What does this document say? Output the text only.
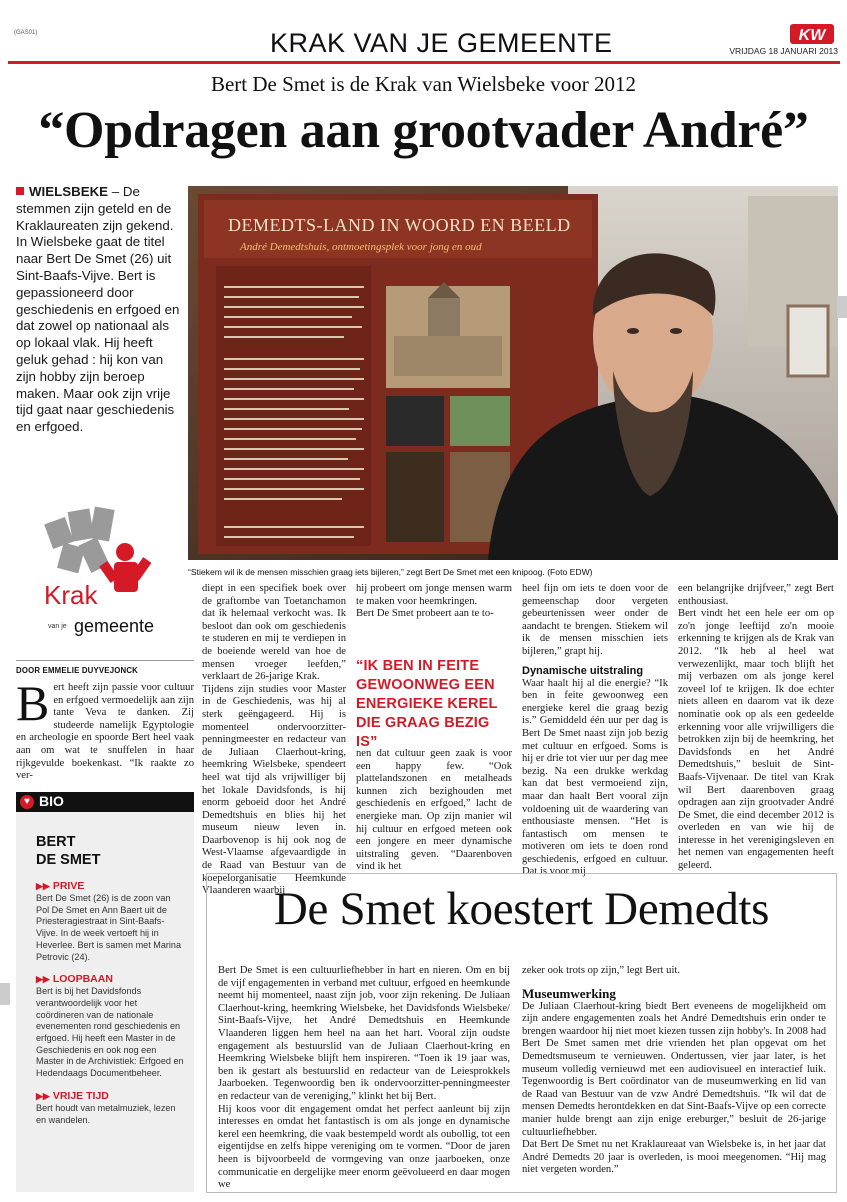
(GAS01)	KRAK VAN JE GEMEENTE	KW
VRIJDAG 18 JANUARI 2013
Bert De Smet is de Krak van Wielsbeke voor 2012
“Opdragen aan grootvader André”
WIELSBEKE – De stemmen zijn geteld en de Kraklaureaten zijn gekend. In Wielsbeke gaat de titel naar Bert De Smet (26) uit Sint-Baafs-Vijve. Bert is gepassioneerd door geschiedenis en erfgoed en dat zowel op nationaal als op lokaal vlak. Hij heeft geluk gehad : hij kon van zijn hobby zijn beroep maken. Maar ook zijn vrije tijd gaat naar geschiedenis en erfgoed.
DEMEDTS-LAND IN WOORD EN BEELD
André Demedtshuis, ontmoetingsplek voor jong en oud
“Stiekem wil ik de mensen misschien graag iets bijleren,” zegt Bert De Smet met een knipoog. (Foto EDW)
Krak
van je gemeente
DOOR EMMELIE DUYVEJONCK
Bert heeft zijn passie voor cultuur en erfgoed vermoedelijk aan zijn tante Veva te danken. Zij studeerde namelijk Egyptologie en archeologie en spoorde Bert heel vaak aan om wat te snuffelen in haar rijkgevulde boekenkast. “Ik raakte zo ver-
♥ BIO
BERT
DE SMET
▶▶ PRIVE
Bert De Smet (26) is de zoon van Pol De Smet en Ann Baert uit de Priesteragiestraat in Sint-Baafs-Vijve. In de week vertoeft hij in Heverlee. Bert is samen met Marina Petrovic (24).
▶▶ LOOPBAAN
Bert is bij het Davidsfonds verantwoordelijk voor het coördineren van de nationale evenementen rond geschiedenis en erfgoed. Hij heeft een Master in de Geschiedenis en ook nog een Master in de Archivistiek: Erfgoed en Hedendaags Documentbeheer.
▶▶ VRIJE TIJD
Bert houdt van metalmuziek, lezen en wandelen.
diept in een specifiek boek over de graftombe van Toetanchamon dat ik helemaal verkocht was. Ik besloot dan ook om geschiedenis te studeren en mij te verdiepen in de boeiende wereld van hoe de mensen vroeger leefden,” verklaart de 26-jarige Krak.
Tijdens zijn studies voor Master in de Geschiedenis, was hij al sterk geëngageerd. Hij is momenteel ondervoorzitter-penningmeester en redacteur van de Juliaan Claerhout-kring, heemkring Wielsbeke, spendeert heel wat tijd als vrijwilliger bij het lokale Davidsfonds, is hij enorm geboeid door het André Demedtshuis en blies hij het museum nieuw leven in. Daarbovenop is hij ook nog de West-Vlaamse afgevaardigde in de Raad van Bestuur van de koepelorganisatie Heemkunde Vlaanderen waarbij
hij probeert om jonge mensen warm te maken voor heemkringen.
Bert De Smet probeert aan te to-
“IK BEN IN FEITE GEWOONWEG EEN ENERGIEKE KEREL DIE GRAAG BEZIG IS”
nen dat cultuur geen zaak is voor een happy few. “Ook plattelandszonen en metalheads kunnen zich bezighouden met geschiedenis en erfgoed,” lacht de energieke man. Op zijn manier wil hij cultuur en erfgoed meteen ook een jongere en meer dynamische uitstraling geven. “Daarenboven vind ik het
heel fijn om iets te doen voor de gemeenschap door vergeten gebeurtenissen weer onder de aandacht te brengen. Stiekem wil ik de mensen misschien iets bijleren,” grapt hij.
Dynamische uitstraling
Waar haalt hij al die energie? “Ik ben in feite gewoonweg een energieke kerel die graag bezig is.” Gemiddeld één uur per dag is Bert De Smet naast zijn job bezig met cultuur en erfgoed. Soms is hij er drie tot vier uur per dag mee bezig. Na een drukke werkdag kan dat best vermoeiend zijn, maar dan haalt Bert vooral zijn voldoening uit de waardering van enthousiaste mensen. “Het is fantastisch om mensen te motiveren om iets te doen rond geschiedenis, erfgoed en cultuur. Dat is voor mij
een belangrijke drijfveer,” zegt Bert enthousiast.
Bert vindt het een hele eer om op zo'n jonge leeftijd zo'n mooie erkenning te krijgen als de Krak van 2012. “Ik heb al heel wat verwezenlijkt, maar toch blijft het mij verbazen om als jonge kerel zoveel lof te krijgen. Ik doe echter niets alleen en daarom vat ik deze nominatie ook op als een gedeelde erkenning voor alle vrijwilligers die betrokken zijn bij de heemkring, het Davidsfonds en het André Demedtshuis,” besluit de Sint-Baafs-Vijvenaar. De titel van Krak wil Bert daarenboven graag opdragen aan zijn grootvader André De Smet, die eind december 2012 is overleden en van wie hij de interesse in het verenigingsleven en het nemen van engagementen heeft geleerd.
De Smet koestert Demedts
Bert De Smet is een cultuurliefhebber in hart en nieren. Om en bij de vijf engagementen in verband met cultuur, erfgoed en heemkunde neemt hij momenteel, naast zijn job, voor zijn rekening. De Juliaan Claerhout-kring, heemkring Wielsbeke, het Davidsfonds Wielsbeke/ Sint-Baafs-Vijve, het André Demedtshuis en Heemkunde Vlaanderen liggen hem heel na aan het hart. Vooral zijn oudste engagement als bestuurslid van de Juliaan Claerhout-kring en Heemkring Wielsbeke blijft hem inspireren. “Toen ik 19 jaar was, ben ik gestart als bestuurslid en redacteur van de Leiesprokkels Jaarboeken. Tegenwoordig ben ik ondervoorzitter-penningmeester en redacteur van de vereniging,” klinkt het bij Bert.
Hij koos voor dit engagement omdat het perfect aanleunt bij zijn interesses en omdat het fantastisch is om als jonge en dynamische kerel een heemkring, die vaak bestempeld wordt als oubollig, tot een eigentijdse en zelfs hippe vereniging om te vormen. “Door de jaren heen is bijvoorbeeld de vormgeving van onze jaarboeken, onze communicatie en dergelijke meer enorm geëvolueerd en daar mogen we
zeker ook trots op zijn,” legt Bert uit.
Museumwerking
De Juliaan Claerhout-kring biedt Bert eveneens de mogelijkheid om zijn andere engagementen zoals het André Demedtshuis erin onder te brengen waardoor hij niet moet kiezen tussen zijn hobby's. In 2008 had Bert De Smet samen met drie vrienden het plan opgevat om het Demedtsmuseum te vernieuwen. Ondertussen, vier jaar later, is het museum volledig vernieuwd met een audiovisueel en interactief luik. Tegenwoordig is Bert coördinator van de museumwerking en lid van de Raad van Bestuur van de vzw André Demedtshuis. “Ik wil dat de mensen Demedts herontdekken en dat Sint-Baafs-Vijve op een correcte manier hulde brengt aan zijn enige ereburger,” besluit de 26-jarige cultuurliefhebber.
Dat Bert De Smet nu net Kraklaureaat van Wielsbeke is, in het jaar dat André Demedts 20 jaar is overleden, is mooi meegenomen. “Hij mag niet vergeten worden.”
